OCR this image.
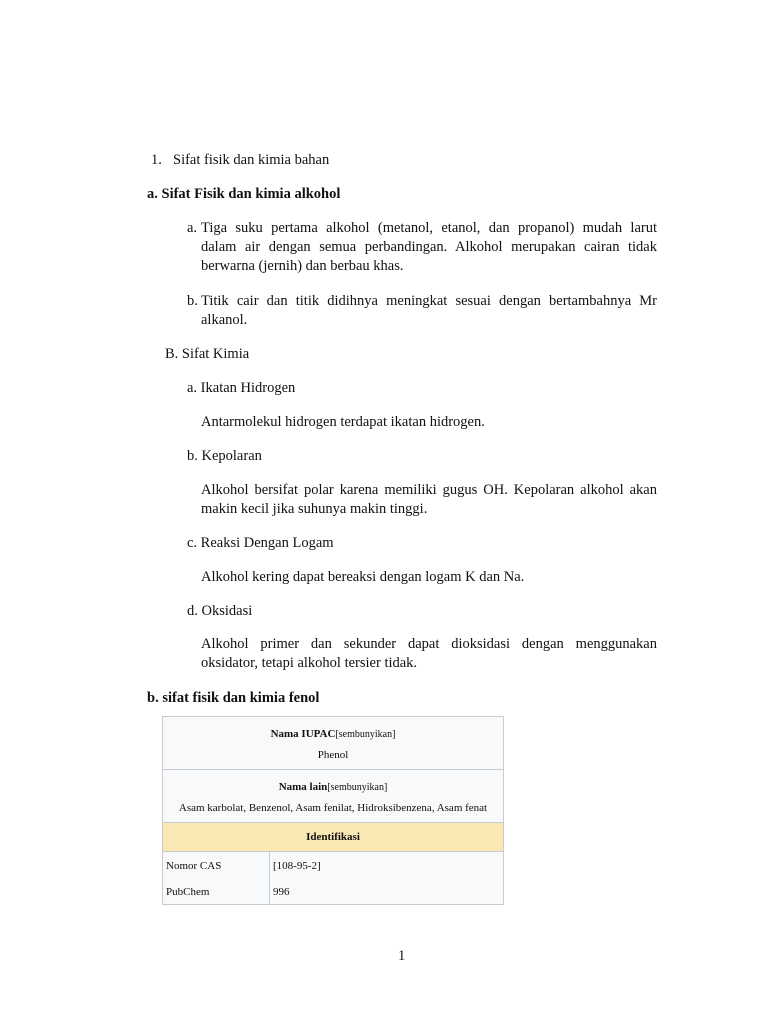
1. Sifat fisik dan kimia bahan
a. Sifat Fisik dan kimia alkohol
a. Tiga suku pertama alkohol (metanol, etanol, dan propanol) mudah larut
dalam air dengan semua perbandingan. Alkohol merupakan cairan tidak
berwarna (jernih) dan berbau khas.
b. Titik cair dan titik didihnya meningkat sesuai dengan bertambahnya Mr
alkanol.
B. Sifat Kimia
a. Ikatan Hidrogen
Antarmolekul hidrogen terdapat ikatan hidrogen.
b. Kepolaran
Alkohol bersifat polar karena memiliki gugus OH. Kepolaran alkohol akan
makin kecil jika suhunya makin tinggi.
c. Reaksi Dengan Logam
Alkohol kering dapat bereaksi dengan logam K dan Na.
d. Oksidasi
Alkohol primer dan sekunder dapat dioksidasi dengan menggunakan
oksidator, tetapi alkohol tersier tidak.
b. sifat fisik dan kimia fenol
Nama IUPAC[sembunyikan]
Phenol	

Nama lain[sembunyikan]
Asam karbolat, Benzenol, Asam fenilat, Hidroksibenzena, Asam fenat	

Identifikasi	
Nomor CAS	[108-95-2]
PubChem	996
1
